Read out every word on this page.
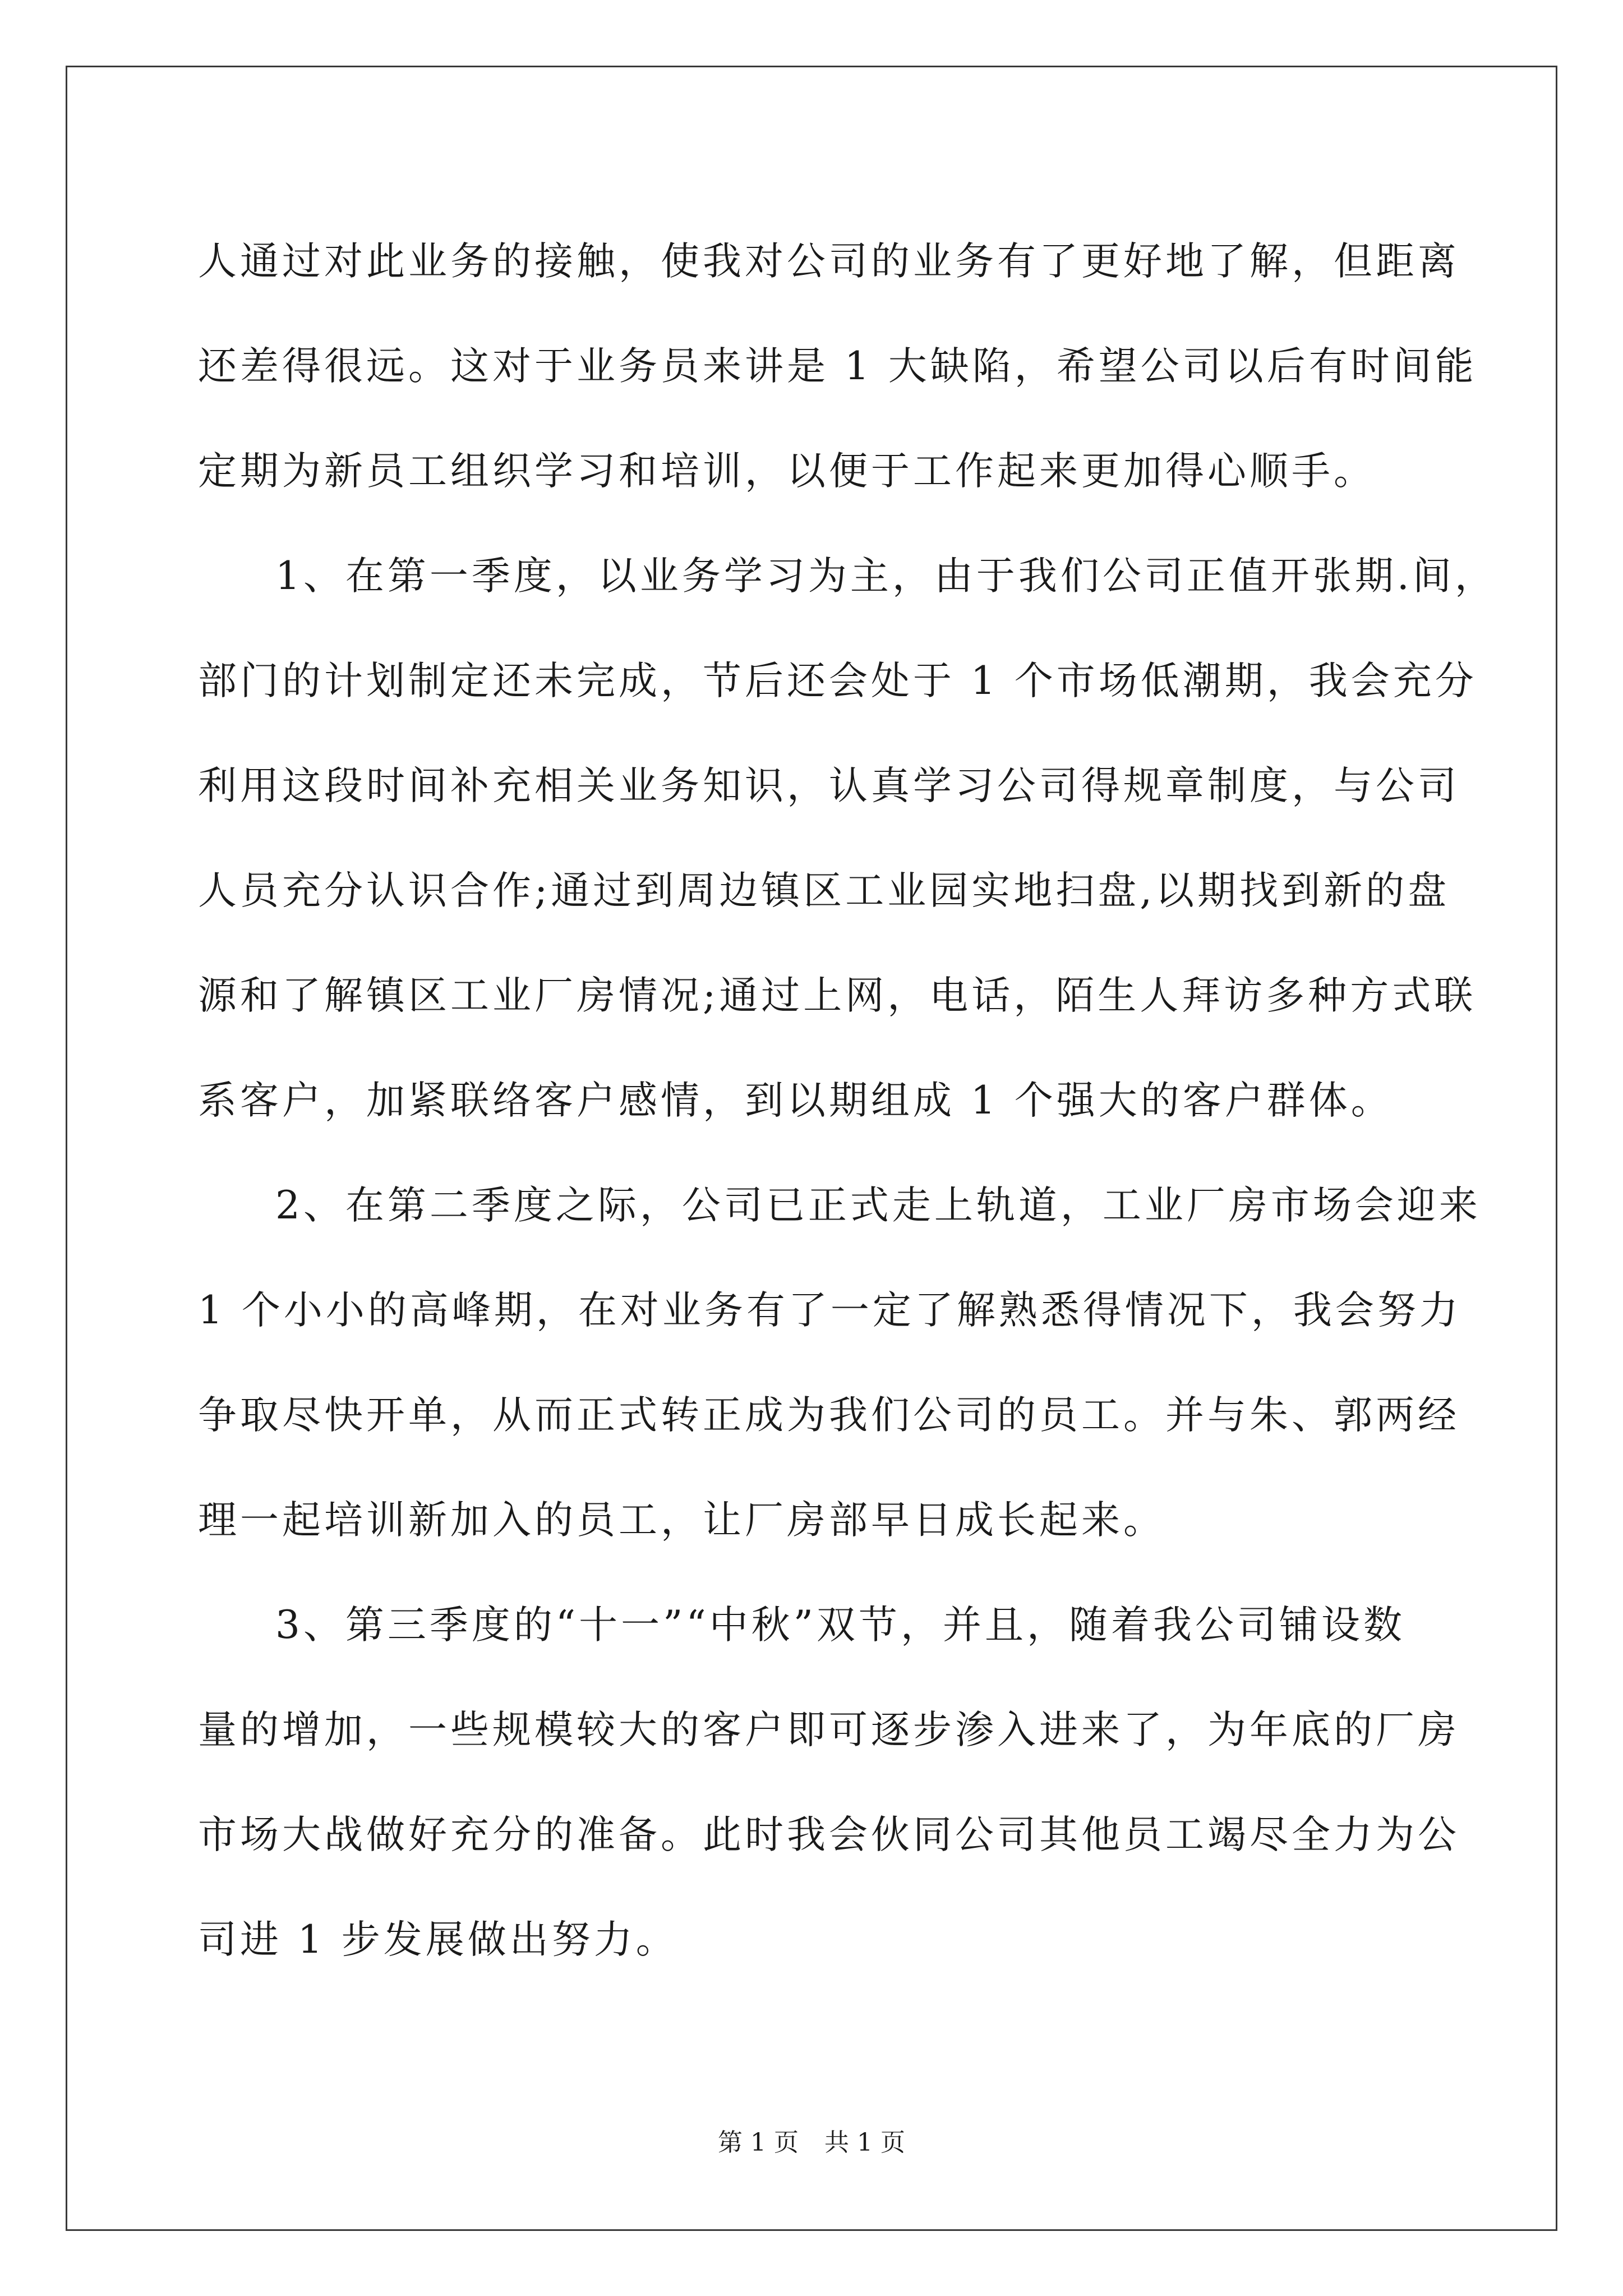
人通过对此业务的接触，使我对公司的业务有了更好地了解，但距离
还差得很远。这对于业务员来讲是 1 大缺陷，希望公司以后有时间能
定期为新员工组织学习和培训，以便于工作起来更加得心顺手。
1、在第一季度，以业务学习为主，由于我们公司正值开张期.间，
部门的计划制定还未完成，节后还会处于 1 个市场低潮期，我会充分
利用这段时间补充相关业务知识，认真学习公司得规章制度，与公司
人员充分认识合作;通过到周边镇区工业园实地扫盘,以期找到新的盘
源和了解镇区工业厂房情况;通过上网，电话，陌生人拜访多种方式联
系客户，加紧联络客户感情，到以期组成 1 个强大的客户群体。
2、在第二季度之际，公司已正式走上轨道，工业厂房市场会迎来
1 个小小的高峰期，在对业务有了一定了解熟悉得情况下，我会努力
争取尽快开单，从而正式转正成为我们公司的员工。并与朱、郭两经
理一起培训新加入的员工，让厂房部早日成长起来。
3、第三季度的“十一”“中秋”双节，并且，随着我公司铺设数
量的增加，一些规模较大的客户即可逐步渗入进来了，为年底的厂房
市场大战做好充分的准备。此时我会伙同公司其他员工竭尽全力为公
司进 1 步发展做出努力。
第 1 页 共 1 页
